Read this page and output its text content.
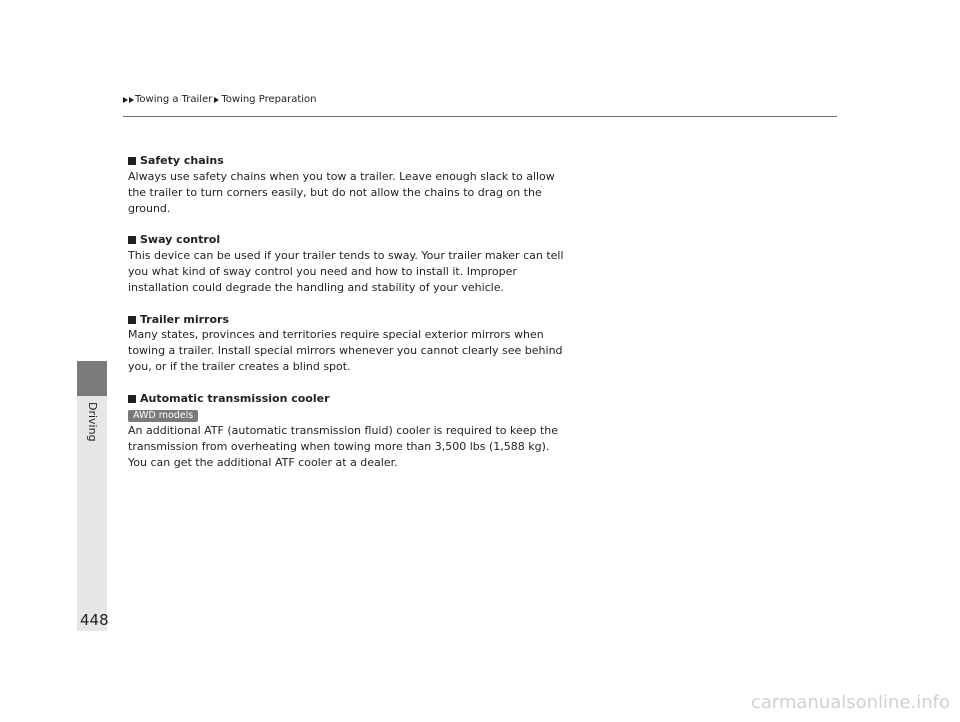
Towing a Trailer Towing Preparation
Driving
448
Safety chains

Always use safety chains when you tow a trailer. Leave enough slack to allow the trailer to turn corners easily, but do not allow the chains to drag on the ground.

Sway control

This device can be used if your trailer tends to sway. Your trailer maker can tell you what kind of sway control you need and how to install it. Improper installation could degrade the handling and stability of your vehicle.

Trailer mirrors

Many states, provinces and territories require special exterior mirrors when towing a trailer. Install special mirrors whenever you cannot clearly see behind you, or if the trailer creates a blind spot.

Automatic transmission cooler
AWD models

An additional ATF (automatic transmission fluid) cooler is required to keep the transmission from overheating when towing more than 3,500 lbs (1,588 kg). You can get the additional ATF cooler at a dealer.

carmanualsonline.info
